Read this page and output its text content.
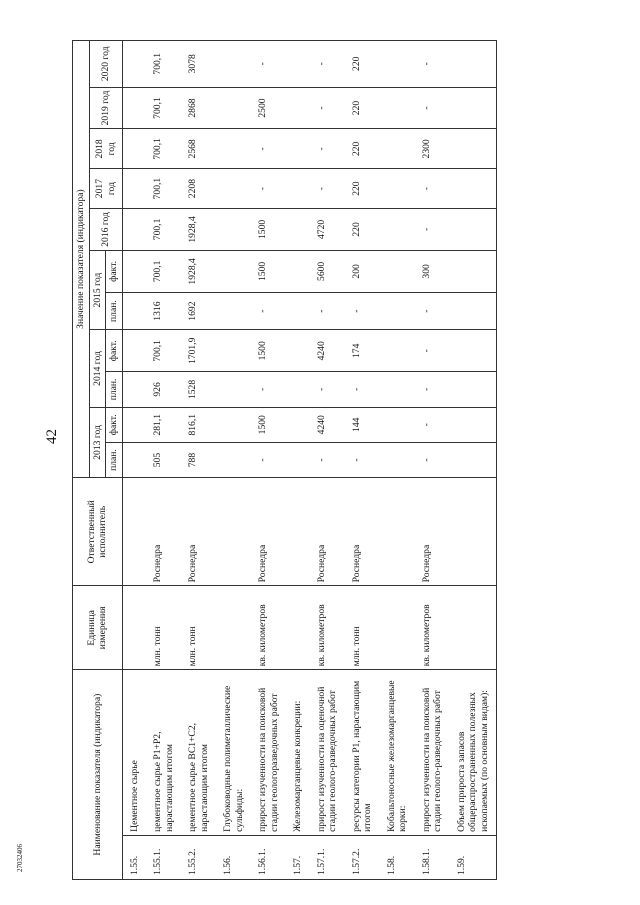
42
27032406
Наименование показателя (индикатора)		Единица измерения	Ответственный исполнитель	Значение показателя (индикатора)										
				2013 год		2014 год		2015 год		2016 год	2017 год	2018 год	2019 год	2020 год
				план.	факт.	план.	факт.	план.	факт.					
1.55.	Цементное сырье													
1.55.1.	цементное сырье Р1+Р2, нарастающим итогом	млн. тонн	Роснедра	505	281,1	926	700,1	1316	700,1	700,1	700,1	700,1	700,1	700,1
1.55.2.	цементное сырье ВС1+С2, нарастающим итогом	млн. тонн	Роснедра	788	816,1	1528	1701,9	1692	1928,4	1928,4	2208	2568	2868	3078
1.56.	Глубоководные полиметаллические сульфиды:													
1.56.1.	прирост изученности на поисковой стадии геологоразведочных работ	кв. километров	Роснедра	-	1500	-	1500	-	1500	1500	-	-	2500	-
1.57.	Железомарганцевые конкреции:													
1.57.1.	прирост изученности на оценочной стадии геолого-разведочных работ	кв. километров	Роснедра	-	4240	-	4240	-	5600	4720	-	-	-	-
1.57.2.	ресурсы категории Р1, нарастающим итогом	млн. тонн	Роснедра	-	144	-	174	-	200	220	220	220	220	220
1.58.	Кобальтоносные железомарганцевые корки:													
1.58.1.	прирост изученности на поисковой стадии геолого-разведочных работ	кв. километров	Роснедра	-	-	-	-	-	300	-	-	2300	-	-
1.59.	Объем прироста запасов общераспространенных полезных ископаемых (по основным видам):													
